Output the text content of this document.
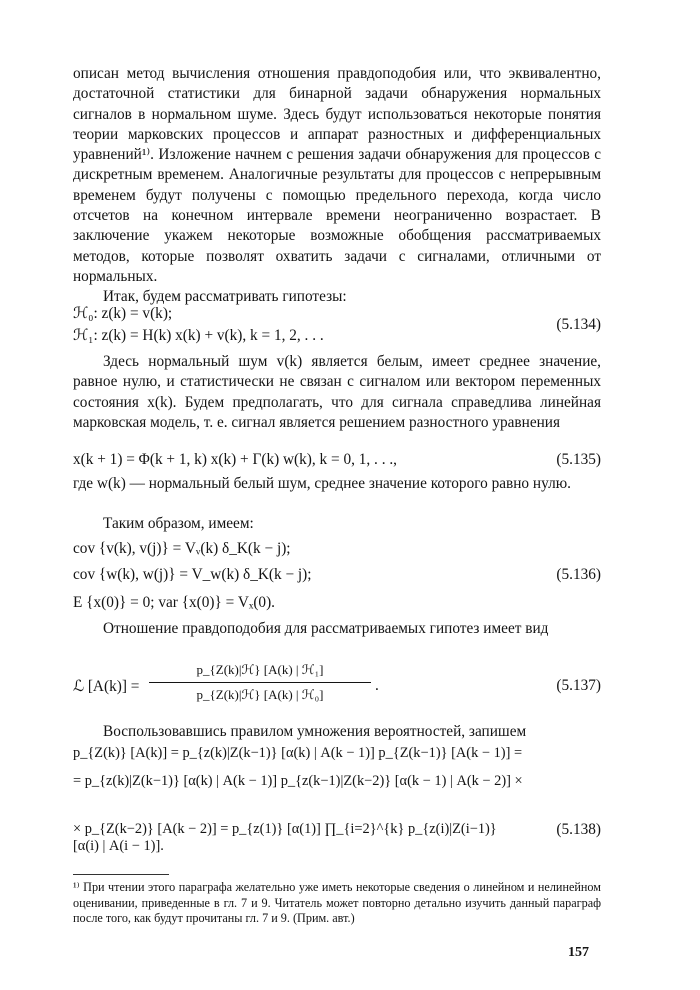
описан метод вычисления отношения правдоподобия или, что эквивалентно, достаточной статистики для бинарной задачи обнаружения нормальных сигналов в нормальном шуме. Здесь будут использоваться некоторые понятия теории марковских процессов и аппарат разностных и дифференциальных уравнений¹⁾. Изложение начнем с решения задачи обнаружения для процессов с дискретным временем. Аналогичные результаты для процессов с непрерывным временем будут получены с помощью предельного перехода, когда число отсчетов на конечном интервале времени неограниченно возрастает. В заключение укажем некоторые возможные обобщения рассматриваемых методов, которые позволят охватить задачи с сигналами, отличными от нормальных.

Итак, будем рассматривать гипотезы:

ℋ₀: z(k) = v(k);
ℋ₁: z(k) = H(k) x(k) + v(k), k = 1, 2, . . .
(5.134)

Здесь нормальный шум v(k) является белым, имеет среднее значение, равное нулю, и статистически не связан с сигналом или вектором переменных состояния x(k). Будем предполагать, что для сигнала справедлива линейная марковская модель, т. е. сигнал является решением разностного уравнения

x(k + 1) = Φ(k + 1, k) x(k) + Γ(k) w(k), k = 0, 1, . . .,	(5.135)

где w(k) — нормальный белый шум, среднее значение которого равно нулю.

Таким образом, имеем:

cov {v(k), v(j)} = Vᵥ(k) δ_K(k − j);
cov {w(k), w(j)} = V_w(k) δ_K(k − j);	(5.136)
E {x(0)} = 0; var {x(0)} = Vₓ(0).

Отношение правдоподобия для рассматриваемых гипотез имеет вид

ℒ [A(k)] =
p_{Z(k)|ℋ} [A(k) | ℋ₁]
p_{Z(k)|ℋ} [A(k) | ℋ₀]
.	(5.137)

Воспользовавшись правилом умножения вероятностей, запишем

p_{Z(k)} [A(k)] = p_{z(k)|Z(k−1)} [α(k) | A(k − 1)] p_{Z(k−1)} [A(k − 1)] =
= p_{z(k)|Z(k−1)} [α(k) | A(k − 1)] p_{z(k−1)|Z(k−2)} [α(k − 1) | A(k − 2)] ×
× p_{Z(k−2)} [A(k − 2)] = p_{z(1)} [α(1)] ∏_{i=2}^{k} p_{z(i)|Z(i−1)} [α(i) | A(i − 1)].
(5.138)

¹⁾ При чтении этого параграфа желательно уже иметь некоторые сведения о линейном и нелинейном оценивании, приведенные в гл. 7 и 9. Читатель может повторно детально изучить данный параграф после того, как будут прочитаны гл. 7 и 9. (Прим. авт.)

157
